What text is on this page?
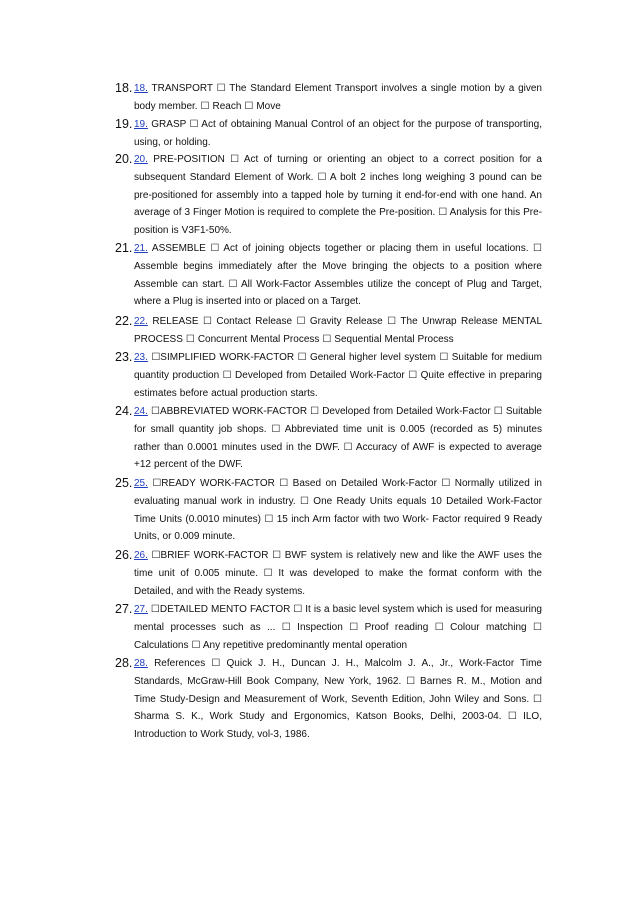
18. 18. TRANSPORT ☐ The Standard Element Transport involves a single motion by a given body member. ☐ Reach ☐ Move
19. 19. GRASP ☐ Act of obtaining Manual Control of an object for the purpose of transporting, using, or holding.
20. 20. PRE-POSITION ☐ Act of turning or orienting an object to a correct position for a subsequent Standard Element of Work. ☐ A bolt 2 inches long weighing 3 pound can be pre-positioned for assembly into a tapped hole by turning it end-for-end with one hand. An average of 3 Finger Motion is required to complete the Pre-position. ☐ Analysis for this Pre-position is V3F1-50%.
21. 21. ASSEMBLE ☐ Act of joining objects together or placing them in useful locations. ☐ Assemble begins immediately after the Move bringing the objects to a position where Assemble can start. ☐ All Work-Factor Assembles utilize the concept of Plug and Target, where a Plug is inserted into or placed on a Target.
22. 22. RELEASE ☐ Contact Release ☐ Gravity Release ☐ The Unwrap Release MENTAL PROCESS ☐ Concurrent Mental Process ☐ Sequential Mental Process
23. 23. ☐SIMPLIFIED WORK-FACTOR ☐ General higher level system ☐ Suitable for medium quantity production ☐ Developed from Detailed Work-Factor ☐ Quite effective in preparing estimates before actual production starts.
24. 24. ☐ABBREVIATED WORK-FACTOR ☐ Developed from Detailed Work-Factor ☐ Suitable for small quantity job shops. ☐ Abbreviated time unit is 0.005 (recorded as 5) minutes rather than 0.0001 minutes used in the DWF. ☐ Accuracy of AWF is expected to average +12 percent of the DWF.
25. 25. ☐READY WORK-FACTOR ☐ Based on Detailed Work-Factor ☐ Normally utilized in evaluating manual work in industry. ☐ One Ready Units equals 10 Detailed Work-Factor Time Units (0.0010 minutes) ☐ 15 inch Arm factor with two Work- Factor required 9 Ready Units, or 0.009 minute.
26. 26. ☐BRIEF WORK-FACTOR ☐ BWF system is relatively new and like the AWF uses the time unit of 0.005 minute. ☐ It was developed to make the format conform with the Detailed, and with the Ready systems.
27. 27. ☐DETAILED MENTO FACTOR ☐ It is a basic level system which is used for measuring mental processes such as ... ☐ Inspection ☐ Proof reading ☐ Colour matching ☐ Calculations ☐ Any repetitive predominantly mental operation
28. 28. References ☐ Quick J. H., Duncan J. H., Malcolm J. A., Jr., Work-Factor Time Standards, McGraw-Hill Book Company, New York, 1962. ☐ Barnes R. M., Motion and Time Study-Design and Measurement of Work, Seventh Edition, John Wiley and Sons. ☐ Sharma S. K., Work Study and Ergonomics, Katson Books, Delhi, 2003-04. ☐ ILO, Introduction to Work Study, vol-3, 1986.
